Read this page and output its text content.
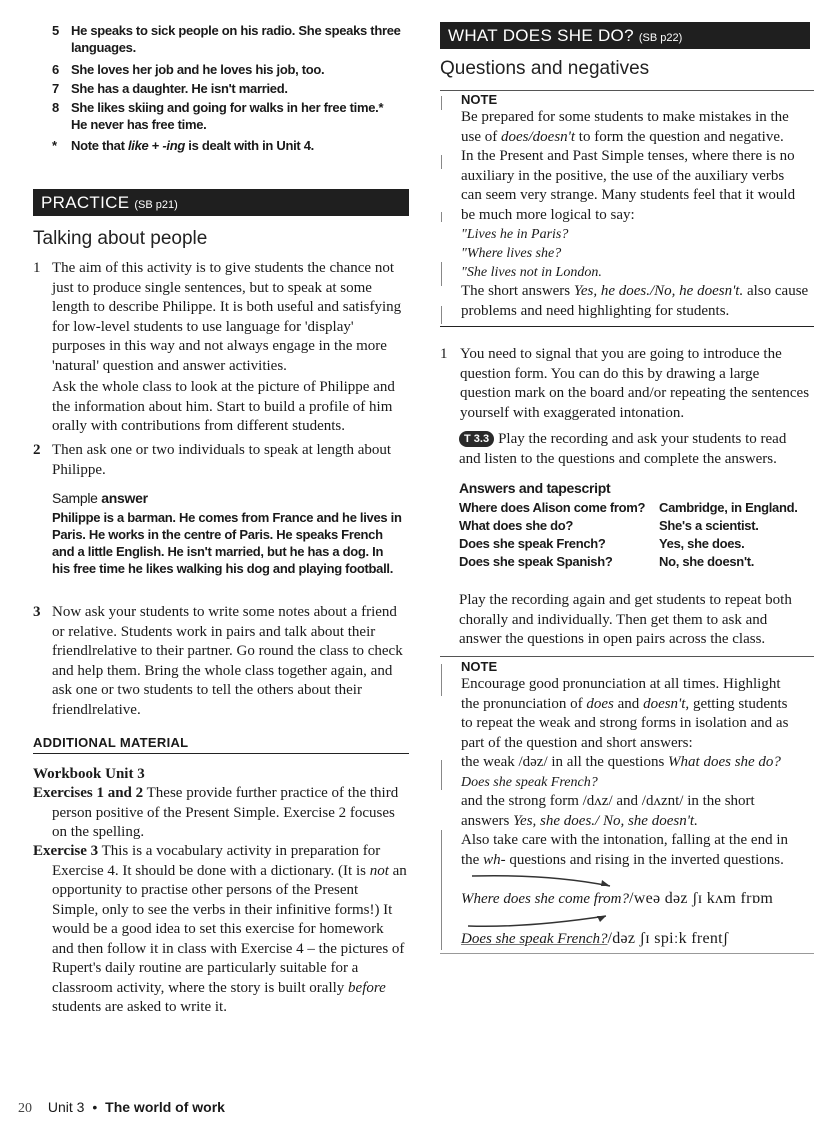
5 He speaks to sick people on his radio. She speaks three languages.
6 She loves her job and he loves his job, too.
7 She has a daughter. He isn't married.
8 She likes skiing and going for walks in her free time.* He never has free time.
* Note that like + -ing is dealt with in Unit 4.
PRACTICE (SB p21)
Talking about people
1 The aim of this activity is to give students the chance not just to produce single sentences, but to speak at some length to describe Philippe. It is both useful and satisfying for low-level students to use language for 'display' purposes in this way and not always engage in the more 'natural' question and answer activities.
Ask the whole class to look at the picture of Philippe and the information about him. Start to build a profile of him orally with contributions from different students.
2 Then ask one or two individuals to speak at length about Philippe.
Sample answer
Philippe is a barman. He comes from France and he lives in Paris. He works in the centre of Paris. He speaks French and a little English. He isn't married, but he has a dog. In his free time he likes walking his dog and playing football.
3 Now ask your students to write some notes about a friend or relative. Students work in pairs and talk about their friendlrelative to their partner. Go round the class to check and help them. Bring the whole class together again, and ask one or two students to tell the others about their friendlrelative.
ADDITIONAL MATERIAL
Workbook Unit 3
Exercises 1 and 2 These provide further practice of the third person positive of the Present Simple. Exercise 2 focuses on the spelling.
Exercise 3 This is a vocabulary activity in preparation for Exercise 4. It should be done with a dictionary. (It is not an opportunity to practise other persons of the Present Simple, only to see the verbs in their infinitive forms!) It would be a good idea to set this exercise for homework and then follow it in class with Exercise 4 – the pictures of Rupert's daily routine are particularly suitable for a classroom activity, where the story is built orally before students are asked to write it.
WHAT DOES SHE DO? (SB p22)
Questions and negatives
NOTE
Be prepared for some students to make mistakes in the
use of does/doesn't to form the question and negative.
In the Present and Past Simple tenses, where there is no
auxiliary in the positive, the use of the auxiliary verbs
can seem very strange. Many students feel that it would
be much more logical to say:
"Lives he in Paris?
"Where lives she?
"She lives not in London.
The short answers Yes, he does./No, he doesn't. also cause
problems and need highlighting for students.
1 You need to signal that you are going to introduce the question form. You can do this by drawing a large question mark on the board and/or repeating the sentences yourself with exaggerated intonation.
T 3.3 Play the recording and ask your students to read and listen to the questions and complete the answers.
Answers and tapescript
Where does Alison come from? Cambridge, in England.
What does she do?	She's a scientist.
Does she speak French?	Yes, she does.
Does she speak Spanish?	No, she doesn't.
Play the recording again and get students to repeat both chorally and individually. Then get them to ask and answer the questions in open pairs across the class.
NOTE
Encourage good pronunciation at all times. Highlight
the pronunciation of does and doesn't, getting students
to repeat the weak and strong forms in isolation and as
part of the question and short answers:
the weak /dəz/ in all the questions What does she do?
Does she speak French?
and the strong form /dʌz/ and /dʌznt/ in the short
answers Yes, she does./ No, she doesn't.
Also take care with the intonation, falling at the end in
the wh- questions and rising in the inverted questions.
Where does she come from?/weə dəz ʃɪ kʌm frɒm
Does she speak French?/dəz ʃɪ spiːk frentʃ
20 Unit 3 • The world of work
